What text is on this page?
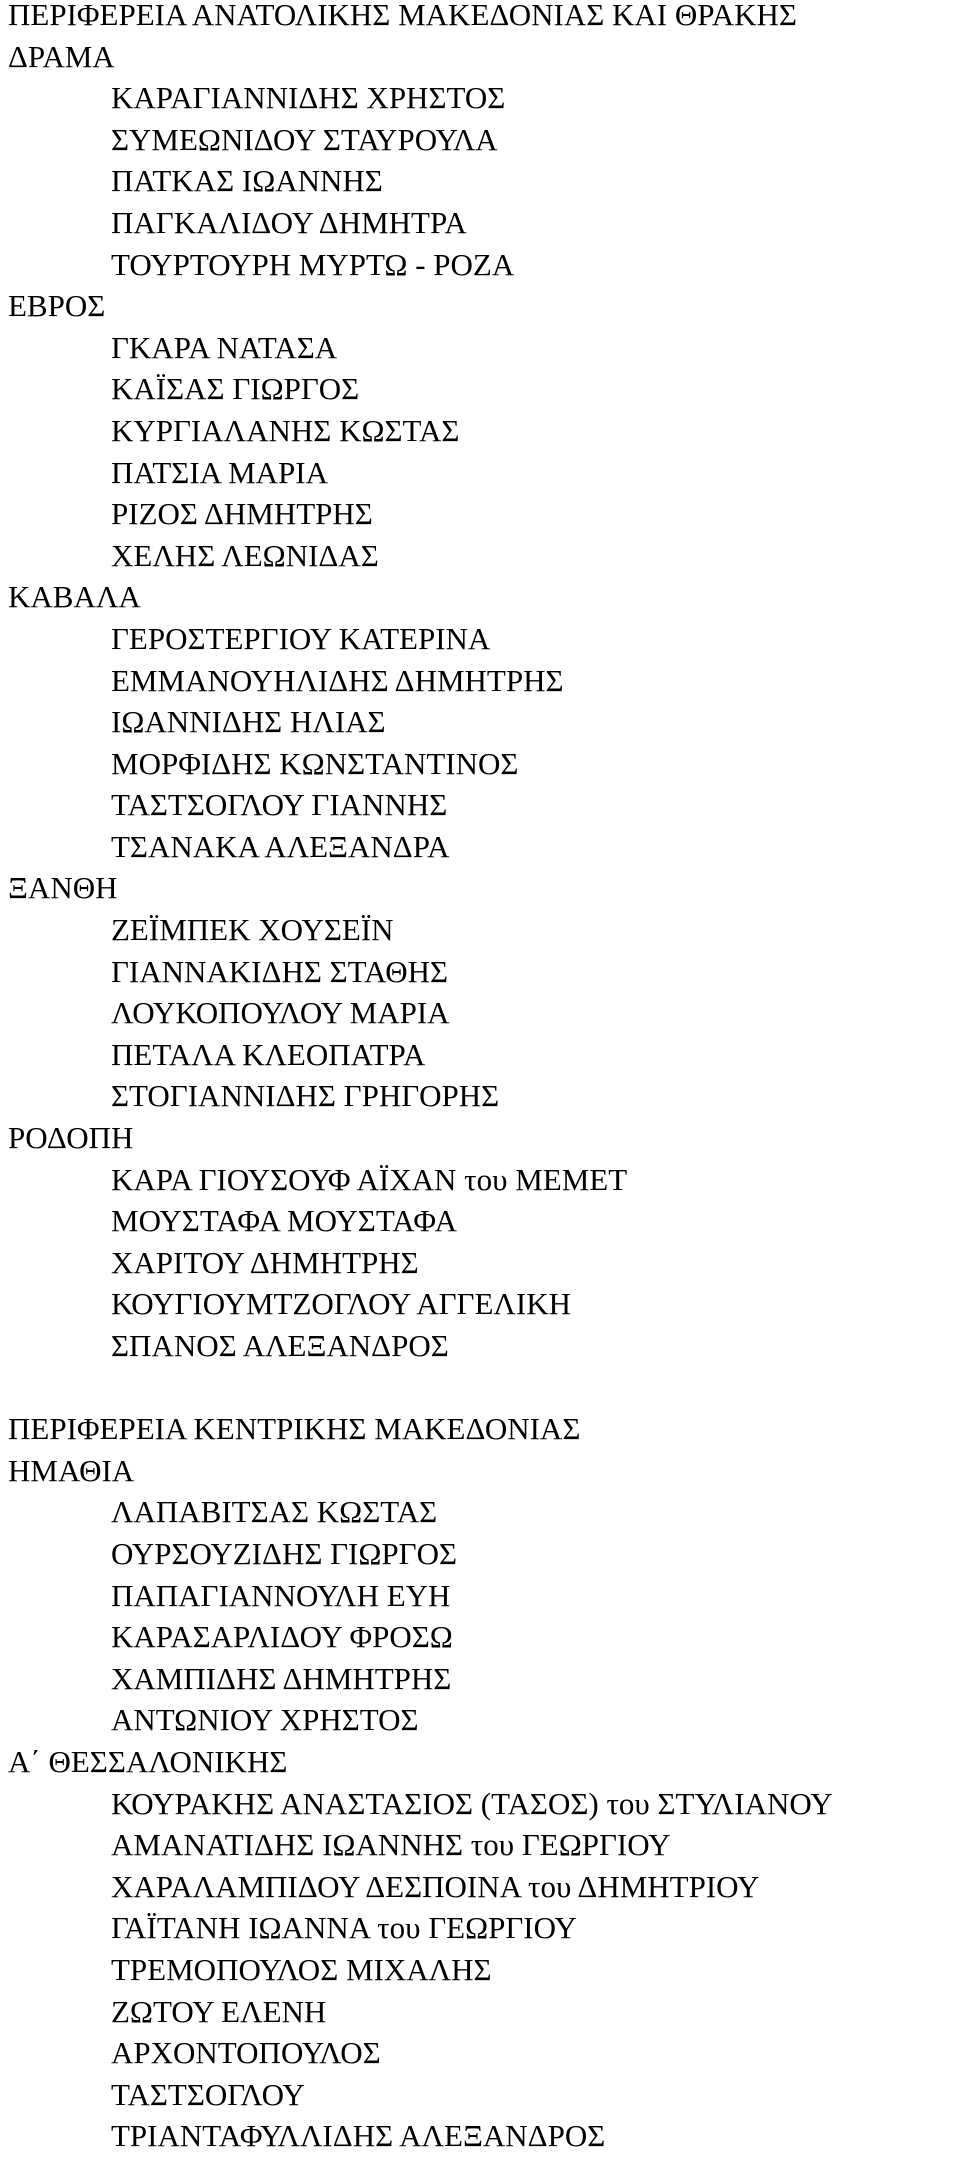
ΠΕΡΙΦΕΡΕΙΑ ΑΝΑΤΟΛΙΚΗΣ ΜΑΚΕΔΟΝΙΑΣ ΚΑΙ ΘΡΑΚΗΣ
ΔΡΑΜΑ
ΚΑΡΑΓΙΑΝΝΙΔΗΣ ΧΡΗΣΤΟΣ
ΣΥΜΕΩΝΙΔΟΥ ΣΤΑΥΡΟΥΛΑ
ΠΑΤΚΑΣ ΙΩΑΝΝΗΣ
ΠΑΓΚΑΛΙΔΟΥ ΔΗΜΗΤΡΑ
ΤΟΥΡΤΟΥΡΗ ΜΥΡΤΩ - ΡΟΖΑ
ΕΒΡΟΣ
ΓΚΑΡΑ ΝΑΤΑΣΑ
ΚΑΪΣΑΣ ΓΙΩΡΓΟΣ
ΚΥΡΓΙΑΛΑΝΗΣ ΚΩΣΤΑΣ
ΠΑΤΣΙΑ ΜΑΡΙΑ
ΡΙΖΟΣ ΔΗΜΗΤΡΗΣ
ΧΕΛΗΣ ΛΕΩΝΙΔΑΣ
ΚΑΒΑΛΑ
ΓΕΡΟΣΤΕΡΓΙΟΥ ΚΑΤΕΡΙΝΑ
ΕΜΜΑΝΟΥΗΛΙΔΗΣ ΔΗΜΗΤΡΗΣ
ΙΩΑΝΝΙΔΗΣ ΗΛΙΑΣ
ΜΟΡΦΙΔΗΣ ΚΩΝΣΤΑΝΤΙΝΟΣ
ΤΑΣΤΣΟΓΛΟΥ ΓΙΑΝΝΗΣ
ΤΣΑΝΑΚΑ ΑΛΕΞΑΝΔΡΑ
ΞΑΝΘΗ
ΖΕΪΜΠΕΚ ΧΟΥΣΕΪΝ
ΓΙΑΝΝΑΚΙΔΗΣ ΣΤΑΘΗΣ
ΛΟΥΚΟΠΟΥΛΟΥ ΜΑΡΙΑ
ΠΕΤΑΛΑ ΚΛΕΟΠΑΤΡΑ
ΣΤΟΓΙΑΝΝΙΔΗΣ ΓΡΗΓΟΡΗΣ
ΡΟΔΟΠΗ
ΚΑΡΑ ΓΙΟΥΣΟΥΦ ΑΪΧΑΝ του ΜΕΜΕΤ
ΜΟΥΣΤΑΦΑ ΜΟΥΣΤΑΦΑ
ΧΑΡΙΤΟΥ ΔΗΜΗΤΡΗΣ
ΚΟΥΓΙΟΥΜΤΖΟΓΛΟΥ ΑΓΓΕΛΙΚΗ
ΣΠΑΝΟΣ ΑΛΕΞΑΝΔΡΟΣ
ΠΕΡΙΦΕΡΕΙΑ ΚΕΝΤΡΙΚΗΣ ΜΑΚΕΔΟΝΙΑΣ
ΗΜΑΘΙΑ
ΛΑΠΑΒΙΤΣΑΣ ΚΩΣΤΑΣ
ΟΥΡΣΟΥΖΙΔΗΣ ΓΙΩΡΓΟΣ
ΠΑΠΑΓΙΑΝΝΟΥΛΗ ΕΥΗ
ΚΑΡΑΣΑΡΛΙΔΟΥ ΦΡΟΣΩ
ΧΑΜΠΙΔΗΣ ΔΗΜΗΤΡΗΣ
ΑΝΤΩΝΙΟΥ ΧΡΗΣΤΟΣ
Α΄ ΘΕΣΣΑΛΟΝΙΚΗΣ
ΚΟΥΡΑΚΗΣ ΑΝΑΣΤΑΣΙΟΣ (ΤΑΣΟΣ) του ΣΤΥΛΙΑΝΟΥ
ΑΜΑΝΑΤΙΔΗΣ ΙΩΑΝΝΗΣ του ΓΕΩΡΓΙΟΥ
ΧΑΡΑΛΑΜΠΙΔΟΥ ΔΕΣΠΟΙΝΑ του ΔΗΜΗΤΡΙΟΥ
ΓΑΪΤΑΝΗ ΙΩΑΝΝΑ του ΓΕΩΡΓΙΟΥ
ΤΡΕΜΟΠΟΥΛΟΣ ΜΙΧΑΛΗΣ
ΖΩΤΟΥ ΕΛΕΝΗ
ΑΡΧΟΝΤΟΠΟΥΛΟΣ
ΤΑΣΤΣΟΓΛΟΥ
ΤΡΙΑΝΤΑΦΥΛΛΙΔΗΣ ΑΛΕΞΑΝΔΡΟΣ
